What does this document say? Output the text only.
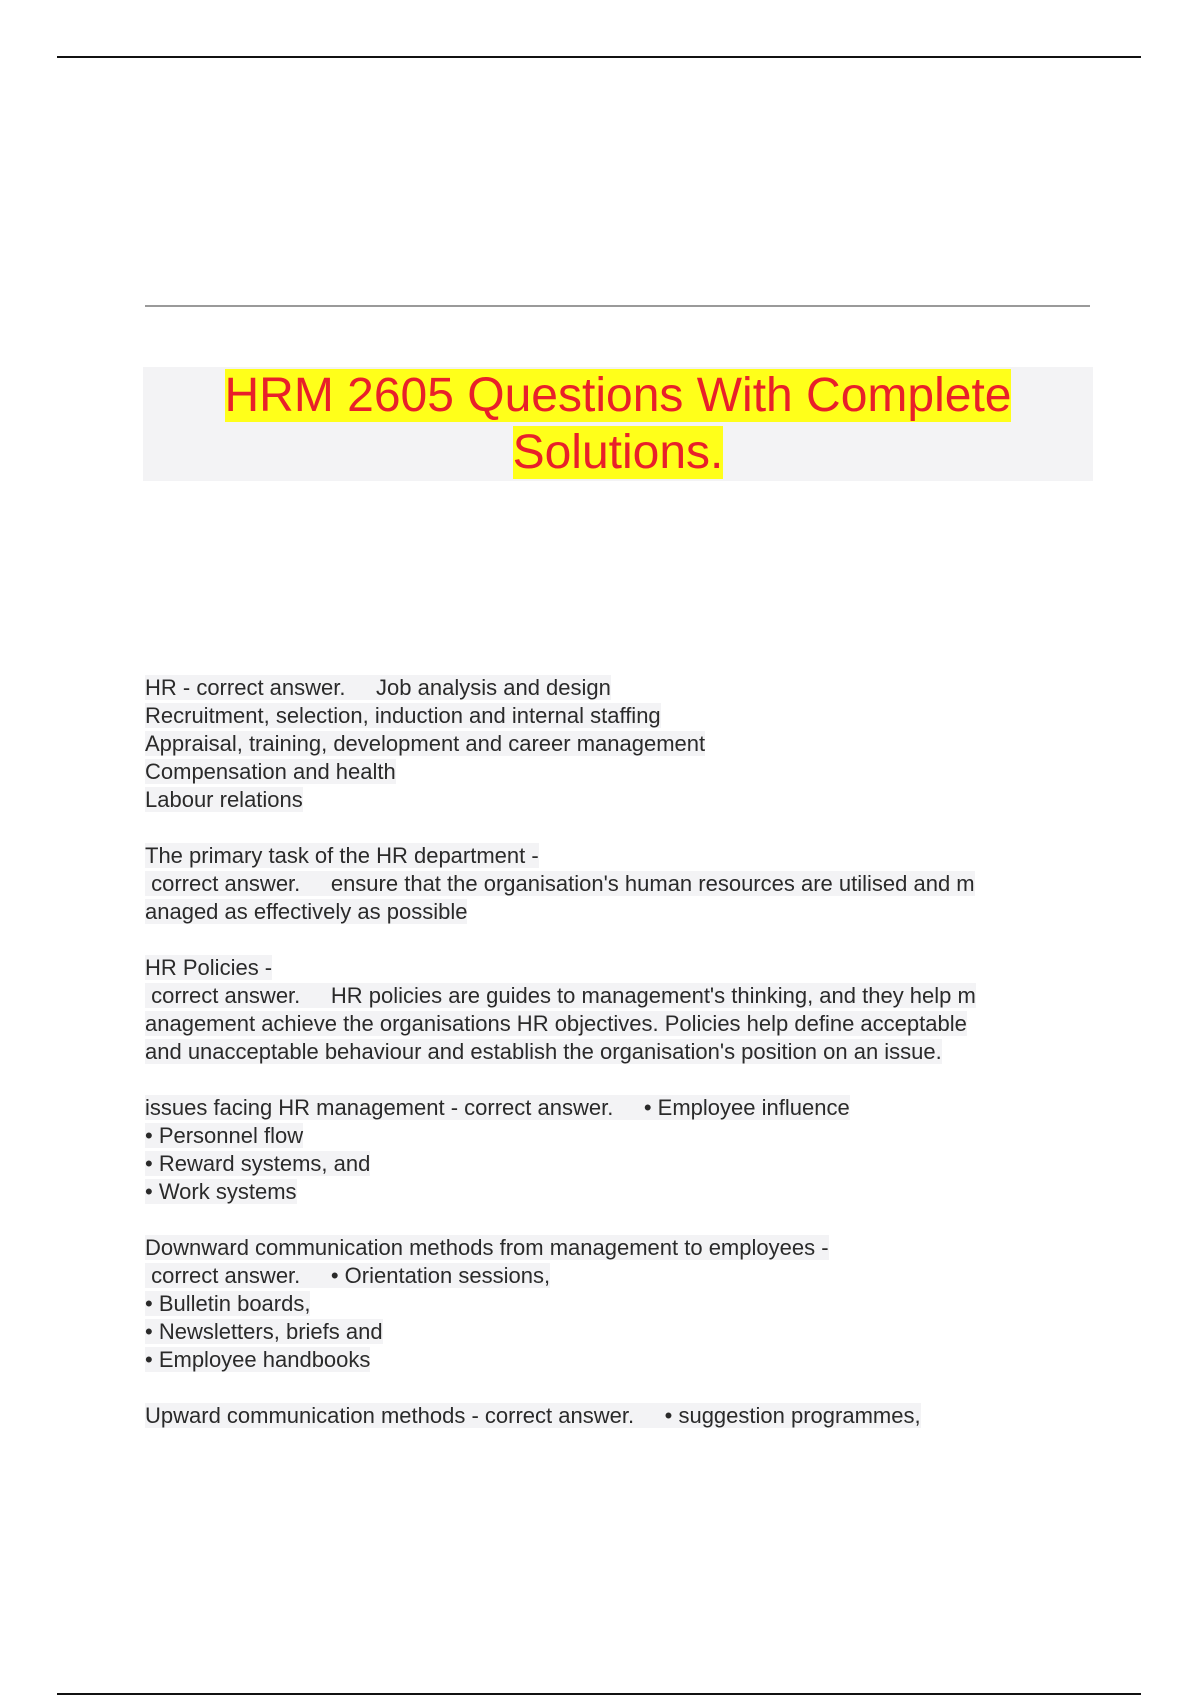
HRM 2605 Questions With Complete
Solutions.
HR - correct answer.     Job analysis and design
Recruitment, selection, induction and internal staffing
Appraisal, training, development and career management
Compensation and health
Labour relations
The primary task of the HR department -
correct answer.     ensure that the organisation's human resources are utilised and m
anaged as effectively as possible
HR Policies -
correct answer.     HR policies are guides to management's thinking, and they help m
anagement achieve the organisations HR objectives. Policies help define acceptable
and unacceptable behaviour and establish the organisation's position on an issue.
issues facing HR management - correct answer.     • Employee influence
• Personnel flow
• Reward systems, and
• Work systems
Downward communication methods from management to employees -
correct answer.     • Orientation sessions,
• Bulletin boards,
• Newsletters, briefs and
• Employee handbooks
Upward communication methods - correct answer.     • suggestion programmes,
